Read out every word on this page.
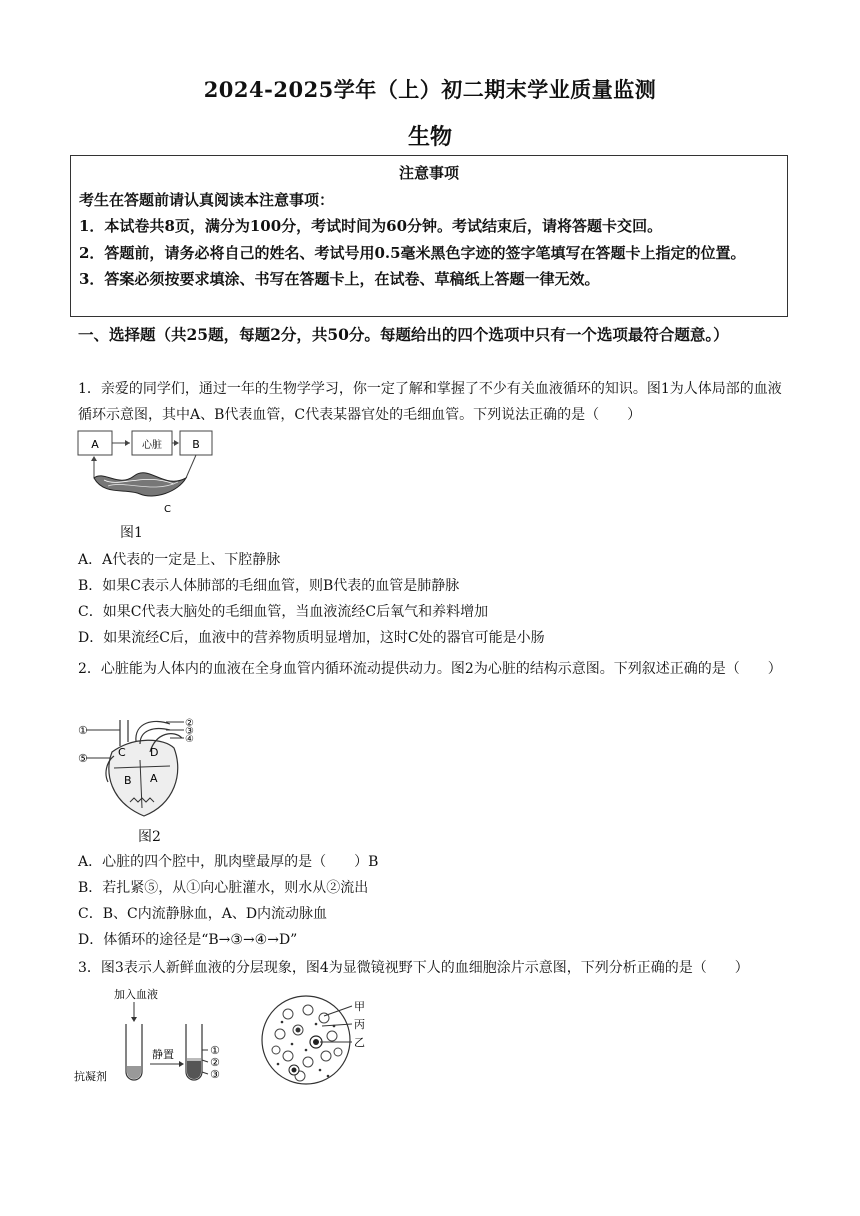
2024-2025学年（上）初二期末学业质量监测
生物
注意事项

考生在答题前请认真阅读本注意事项：

1．本试卷共8页，满分为100分，考试时间为60分钟。考试结束后，请将答题卡交回。

2．答题前，请务必将自己的姓名、考试号用0.5毫米黑色字迹的签字笔填写在答题卡上指定的位置。

3．答案必须按要求填涂、书写在答题卡上，在试卷、草稿纸上答题一律无效。

一、选择题（共25题，每题2分，共50分。每题给出的四个选项中只有一个选项最符合题意。）
1．亲爱的同学们，通过一年的生物学学习，你一定了解和掌握了不少有关血液循环的知识。图1为人体局部的血液循环示意图，其中A、B代表血管，C代表某器官处的毛细血管。下列说法正确的是（　　）
A	心脏	B
C
图1
A．A代表的一定是上、下腔静脉
B．如果C表示人体肺部的毛细血管，则B代表的血管是肺静脉
C．如果C代表大脑处的毛细血管，当血液流经C后氧气和养料增加
D．如果流经C后，血液中的营养物质明显增加，这时C处的器官可能是小肠
2．心脏能为人体内的血液在全身血管内循环流动提供动力。图2为心脏的结构示意图。下列叙述正确的是（　　）
①
⑤
②
③
④
C D
B A
图2
A．心脏的四个腔中，肌肉壁最厚的是（　　）B
B．若扎紧⑤，从①向心脏灌水，则水从②流出
C．B、C内流静脉血，A、D内流动脉血
D．体循环的途径是“B→③→④→D”
3．图3表示人新鲜血液的分层现象，图4为显微镜视野下人的血细胞涂片示意图，下列分析正确的是（　　）
加入血液
抗凝剂
静置	①
②
③
甲
丙
乙
